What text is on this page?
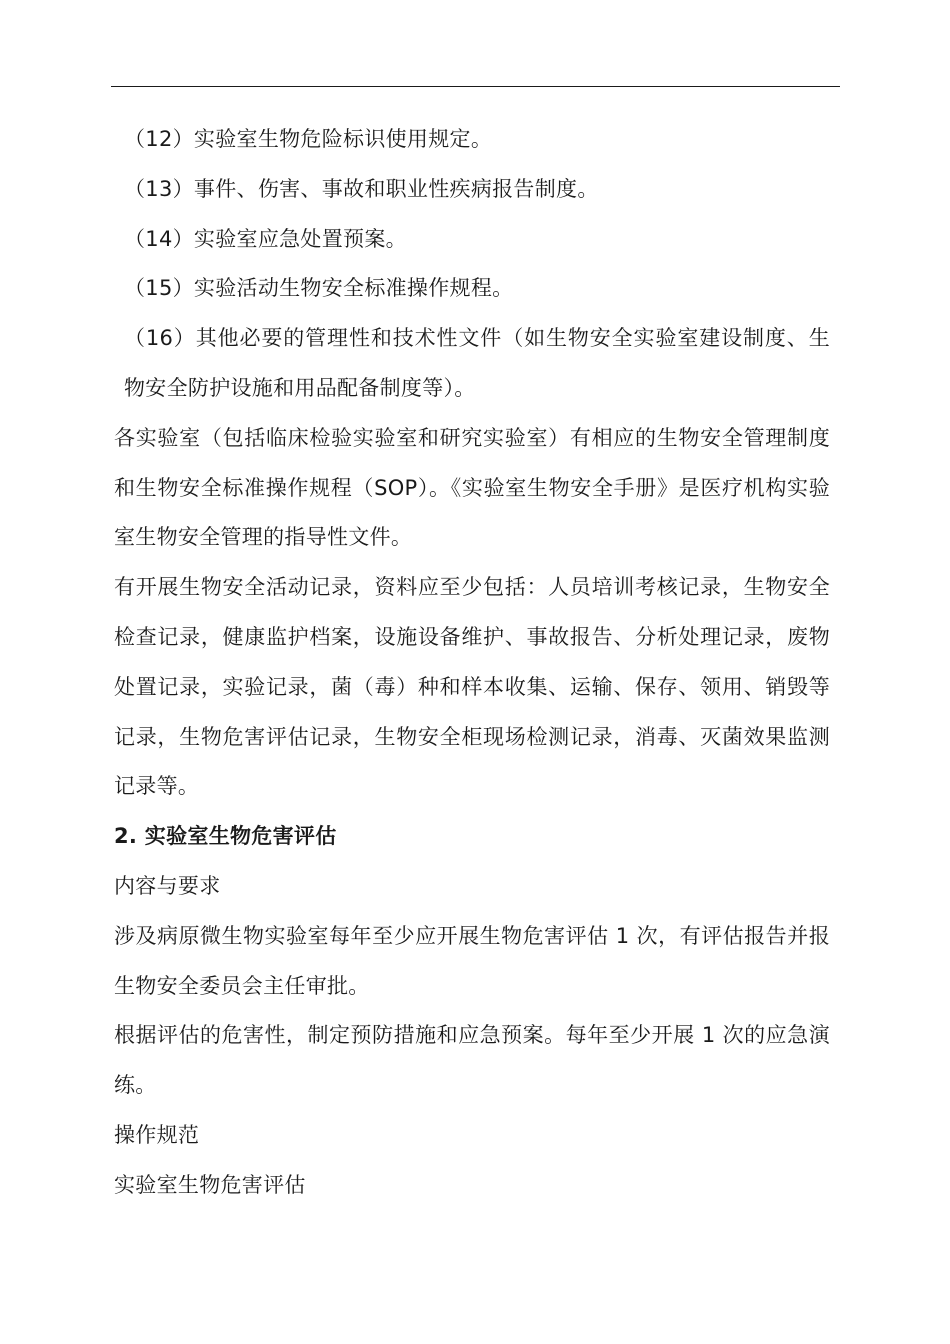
（12）实验室生物危险标识使用规定。

（13）事件、伤害、事故和职业性疾病报告制度。

（14）实验室应急处置预案。

（15）实验活动生物安全标准操作规程。

（16）其他必要的管理性和技术性文件（如生物安全实验室建设制度、生物安全防护设施和用品配备制度等）。

各实验室（包括临床检验实验室和研究实验室）有相应的生物安全管理制度和生物安全标准操作规程（SOP）。《实验室生物安全手册》是医疗机构实验室生物安全管理的指导性文件。

有开展生物安全活动记录，资料应至少包括：人员培训考核记录，生物安全检查记录，健康监护档案，设施设备维护、事故报告、分析处理记录，废物处置记录，实验记录，菌（毒）种和样本收集、运输、保存、领用、销毁等记录，生物危害评估记录，生物安全柜现场检测记录，消毒、灭菌效果监测记录等。

2. 实验室生物危害评估

内容与要求

涉及病原微生物实验室每年至少应开展生物危害评估 1 次，有评估报告并报生物安全委员会主任审批。

根据评估的危害性，制定预防措施和应急预案。每年至少开展 1 次的应急演练。

操作规范

实验室生物危害评估
